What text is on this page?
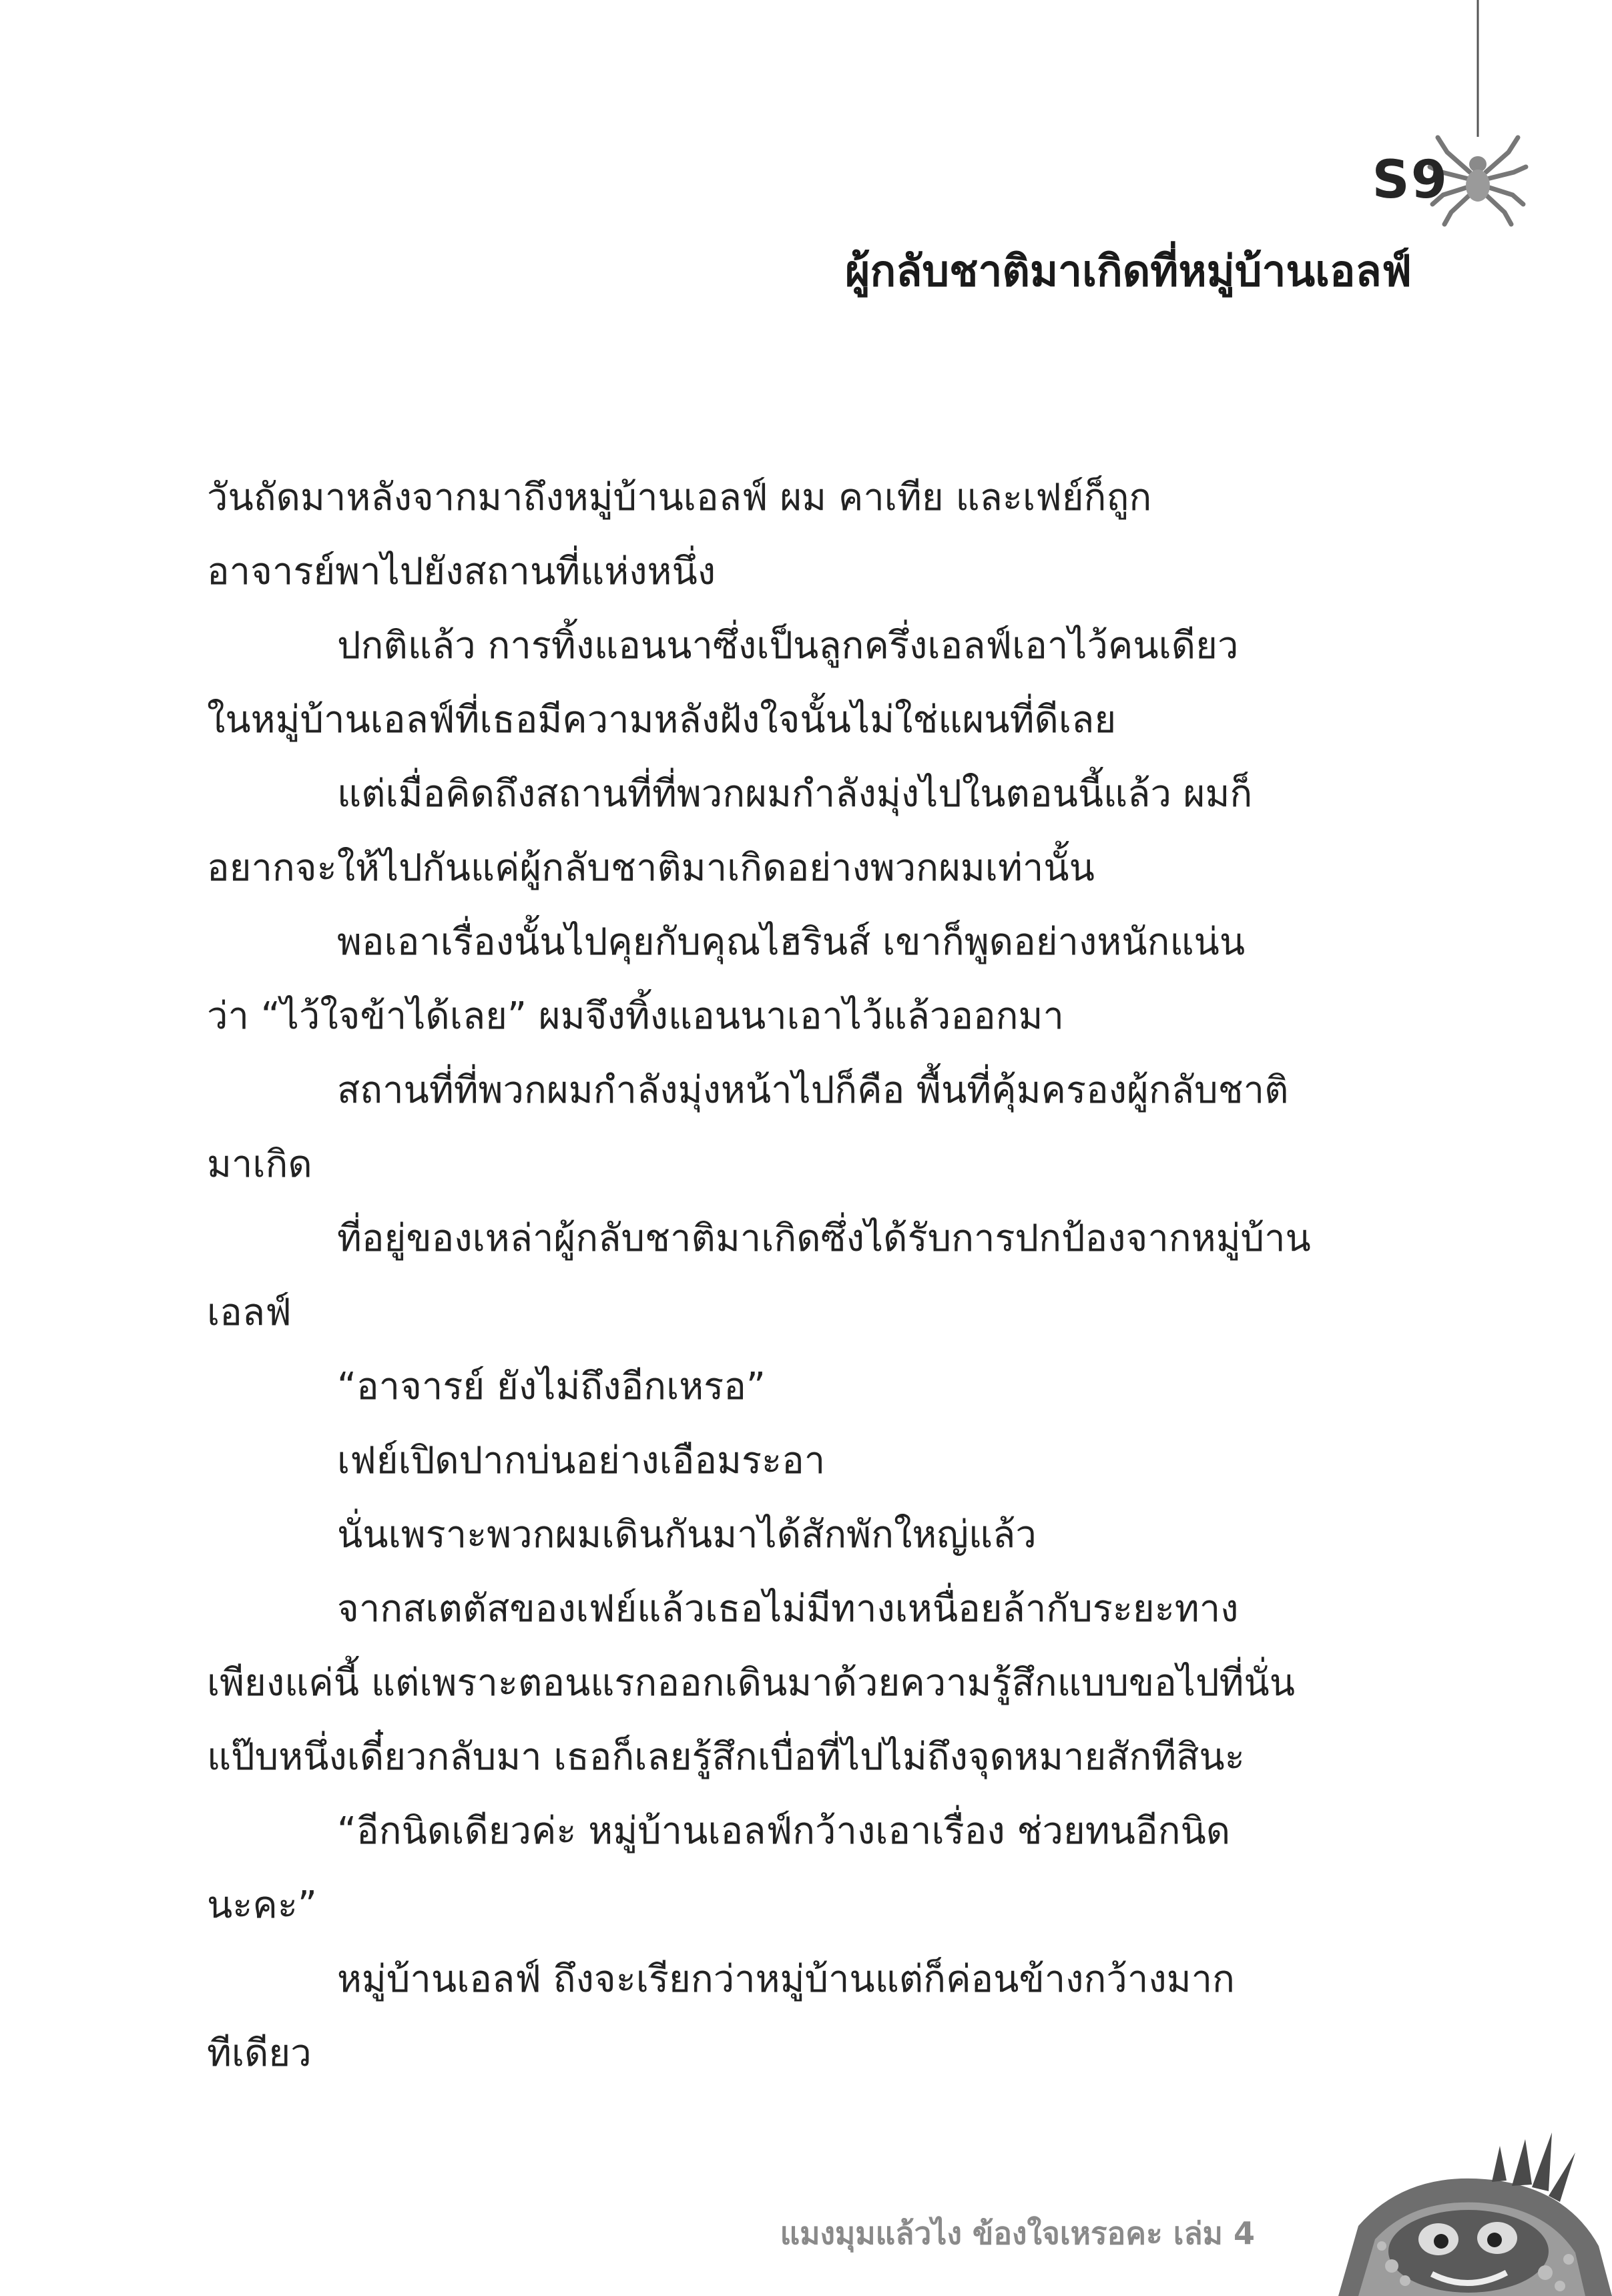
S9
ผู้กลับชาติมาเกิดที่หมู่บ้านเอลฟ์
วันถัดมาหลังจากมาถึงหมู่บ้านเอลฟ์ ผม คาเทีย และเฟย์ก็ถูก
อาจารย์พาไปยังสถานที่แห่งหนึ่ง
ปกติแล้ว การทิ้งแอนนาซึ่งเป็นลูกครึ่งเอลฟ์เอาไว้คนเดียว
ในหมู่บ้านเอลฟ์ที่เธอมีความหลังฝังใจนั้นไม่ใช่แผนที่ดีเลย
แต่เมื่อคิดถึงสถานที่ที่พวกผมกำลังมุ่งไปในตอนนี้แล้ว ผมก็
อยากจะให้ไปกันแค่ผู้กลับชาติมาเกิดอย่างพวกผมเท่านั้น
พอเอาเรื่องนั้นไปคุยกับคุณไฮรินส์ เขาก็พูดอย่างหนักแน่น
ว่า “ไว้ใจข้าได้เลย” ผมจึงทิ้งแอนนาเอาไว้แล้วออกมา
สถานที่ที่พวกผมกำลังมุ่งหน้าไปก็คือ พื้นที่คุ้มครองผู้กลับชาติ
มาเกิด
ที่อยู่ของเหล่าผู้กลับชาติมาเกิดซึ่งได้รับการปกป้องจากหมู่บ้าน
เอลฟ์
“อาจารย์ ยังไม่ถึงอีกเหรอ”
เฟย์เปิดปากบ่นอย่างเอือมระอา
นั่นเพราะพวกผมเดินกันมาได้สักพักใหญ่แล้ว
จากสเตตัสของเฟย์แล้วเธอไม่มีทางเหนื่อยล้ากับระยะทาง
เพียงแค่นี้ แต่เพราะตอนแรกออกเดินมาด้วยความรู้สึกแบบขอไปที่นั่น
แป๊บหนึ่งเดี๋ยวกลับมา เธอก็เลยรู้สึกเบื่อที่ไปไม่ถึงจุดหมายสักทีสินะ
“อีกนิดเดียวค่ะ หมู่บ้านเอลฟ์กว้างเอาเรื่อง ช่วยทนอีกนิด
นะคะ”
หมู่บ้านเอลฟ์ ถึงจะเรียกว่าหมู่บ้านแต่ก็ค่อนข้างกว้างมาก
ทีเดียว
แมงมุมแล้วไง ข้องใจเหรอคะ เล่ม 4
